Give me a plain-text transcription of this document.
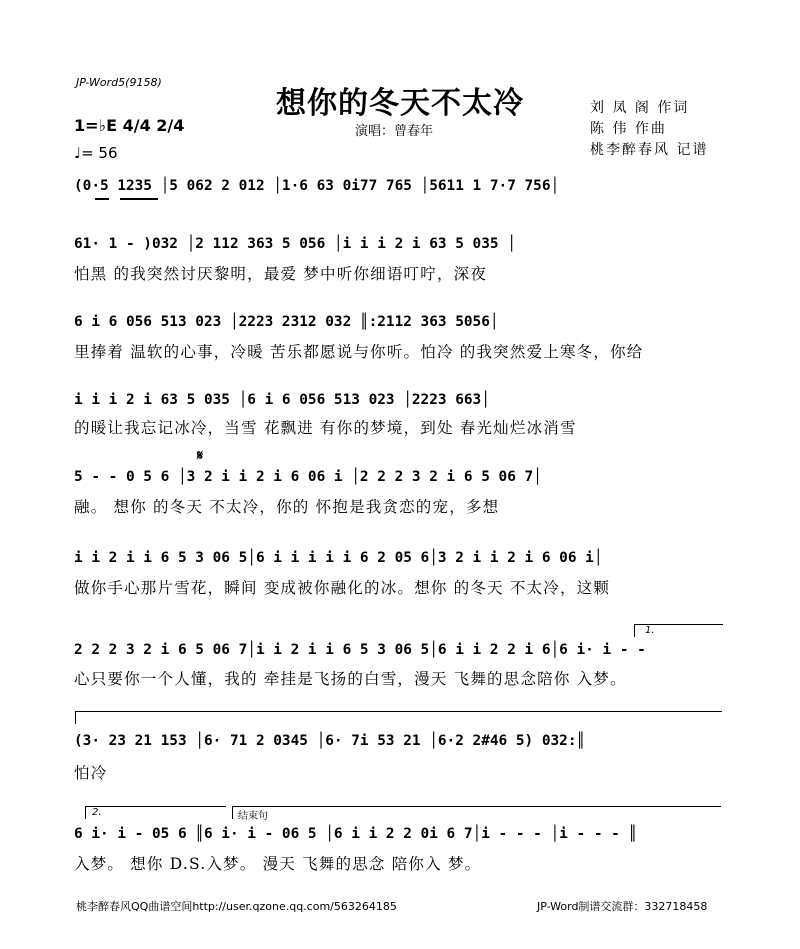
JP-Word5(9158)
想你的冬天不太冷
演唱：曾春年
刘 凤 阁 作词
陈 伟 作曲
桃李醉春风 记谱
1=♭E 4/4 2/4
♩= 56
(0·5 1235 │5 062 2 012 │1·6 63 0i77 765 │5611 1 7·7 756│
61· 1 - )032 │2 112 363 5 056 │i i i 2 i 63 5 035 │
怕黑 的我突然讨厌黎明，最爱 梦中听你细语叮咛，深夜
6 i 6 056 513 023 │2223 2312 032 ║:2112 363 5056│
里捧着 温软的心事，冷暖 苦乐都愿说与你听。怕冷 的我突然爱上寒冬，你给
i i i 2 i 63 5 035 │6 i 6 056 513 023 │2223 663│
的暖让我忘记冰冷，当雪 花飘进 有你的梦境，到处 春光灿烂冰消雪
𝄋
5 - - 0 5 6 │3 2 i i 2 i 6 06 i │2 2 2 3 2 i 6 5 06 7│
融。 想你 的冬天 不太冷，你的 怀抱是我贪恋的宠，多想
i i 2 i i 6 5 3 06 5│6 i i i i i 6 2 05 6│3 2 i i 2 i 6 06 i│
做你手心那片雪花，瞬间 变成被你融化的冰。想你 的冬天 不太冷，这颗
1.
2 2 2 3 2 i 6 5 06 7│i i 2 i i 6 5 3 06 5│6 i i 2 2 i 6│6 i· i - -
心只要你一个人懂，我的 牵挂是飞扬的白雪，漫天 飞舞的思念陪你 入梦。
(3· 23 21 153 │6· 71 2 0345 │6· 7i 53 21 │6·2 2#46 5) 032:║
怕冷
2.	结束句
6 i· i - 05 6 ║6 i· i - 06 5 │6 i i 2 2 0i 6 7│i - - - │i - - - ║
入梦。 想你 D.S.入梦。 漫天 飞舞的思念 陪你入 梦。
桃李醉春风QQ曲谱空间http://user.qzone.qq.com/563264185	JP-Word制谱交流群：332718458
